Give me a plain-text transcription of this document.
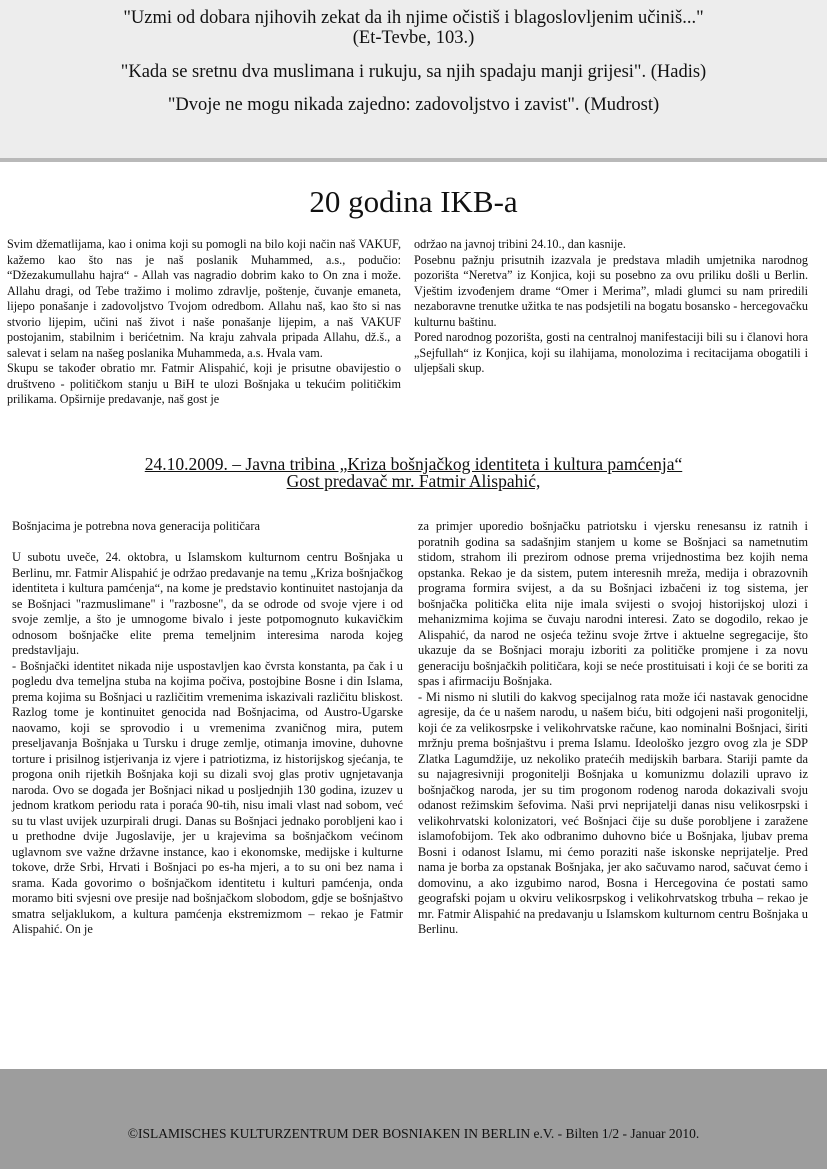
"Uzmi od dobara njihovih zekat da ih njime očistiš i blagoslovljenim učiniš..."
(Et-Tevbe, 103.)
"Kada se sretnu dva muslimana i rukuju, sa njih spadaju manji grijesi". (Hadis)
"Dvoje ne mogu nikada zajedno: zadovoljstvo i zavist". (Mudrost)
20 godina IKB-a

Svim džematlijama, kao i onima koji su pomogli na bilo koji način naš VAKUF, kažemo kao što nas je naš poslanik Muhammed, a.s., podučio: “Džezakumullahu hajra“ - Allah vas nagradio dobrim kako to On zna i može. Allahu dragi, od Tebe tražimo i molimo zdravlje, poštenje, čuvanje emaneta, lijepo ponašanje i zadovoljstvo Tvojom odredbom. Allahu naš, kao što si nas stvorio lijepim, učini naš život i naše ponašanje lijepim, a naš VAKUF postojanim, stabilnim i berićetnim. Na kraju zahvala pripada Allahu, dž.š., a salevat i selam na našeg poslanika Muhammeda, a.s. Hvala vam.

Skupu se također obratio mr. Fatmir Alispahić, koji je prisutne obavijestio o društveno - političkom stanju u BiH te ulozi Bošnjaka u tekućim političkim prilikama. Opširnije predavanje, naš gost je

održao na javnoj tribini 24.10., dan kasnije.

Posebnu pažnju prisutnih izazvala je predstava mladih umjetnika narodnog pozorišta “Neretva” iz Konjica, koji su posebno za ovu priliku došli u Berlin. Vještim izvođenjem drame “Omer i Merima”, mladi glumci su nam priredili nezaboravne trenutke užitka te nas podsjetili na bogatu bosansko - hercegovačku kulturnu baštinu.

Pored narodnog pozorišta, gosti na centralnoj manifestaciji bili su i članovi hora „Sejfullah“ iz Konjica, koji su ilahijama, monolozima i recitacijama obogatili i uljepšali skup.

24.10.2009. – Javna tribina „Kriza bošnjačkog identiteta i kultura pamćenja“
Gost predavač mr. Fatmir Alispahić,

Bošnjacima je potrebna nova generacija političara

U subotu uveče, 24. oktobra, u Islamskom kulturnom centru Bošnjaka u Berlinu, mr. Fatmir Alispahić je održao predavanje na temu „Kriza bošnjačkog identiteta i kultura pamćenja“, na kome je predstavio kontinuitet nastojanja da se Bošnjaci "razmuslimane" i "razbosne", da se odrode od svoje vjere i od svoje zemlje, a što je umnogome bivalo i jeste potpomognuto kukavičkim odnosom bošnjačke elite prema temeljnim interesima naroda kojeg predstavljaju.

- Bošnjački identitet nikada nije uspostavljen kao čvrsta konstanta, pa čak i u pogledu dva temeljna stuba na kojima počiva, postojbine Bosne i din Islama, prema kojima su Bošnjaci u različitim vremenima iskazivali različitu bliskost. Razlog tome je kontinuitet genocida nad Bošnjacima, od Austro-Ugarske naovamo, koji se sprovodio i u vremenima zvaničnog mira, putem preseljavanja Bošnjaka u Tursku i druge zemlje, otimanja imovine, duhovne torture i prisilnog istjerivanja iz vjere i patriotizma, iz historijskog sjećanja, te progona onih rijetkih Bošnjaka koji su dizali svoj glas protiv ugnjetavanja naroda. Ovo se događa jer Bošnjaci nikad u posljednjih 130 godina, izuzev u jednom kratkom periodu rata i poraća 90-tih, nisu imali vlast nad sobom, već su tu vlast uvijek uzurpirali drugi. Danas su Bošnjaci jednako porobljeni kao i u prethodne dvije Jugoslavije, jer u krajevima sa bošnjačkom većinom uglavnom sve važne državne instance, kao i ekonomske, medijske i kulturne tokove, drže Srbi, Hrvati i Bošnjaci po es-ha mjeri, a to su oni bez nama i srama. Kada govorimo o bošnjačkom identitetu i kulturi pamćenja, onda moramo biti svjesni ove presije nad bošnjačkom slobodom, gdje se bošnjaštvo smatra seljaklukom, a kultura pamćenja ekstremizmom – rekao je Fatmir Alispahić. On je

za primjer uporedio bošnjačku patriotsku i vjersku renesansu iz ratnih i poratnih godina sa sadašnjim stanjem u kome se Bošnjaci sa nametnutim stidom, strahom ili prezirom odnose prema vrijednostima bez kojih nema opstanka. Rekao je da sistem, putem interesnih mreža, medija i obrazovnih programa formira svijest, a da su Bošnjaci izbačeni iz tog sistema, jer bošnjačka politička elita nije imala svijesti o svojoj historijskoj ulozi i mehanizmima kojima se čuvaju narodni interesi. Zato se dogodilo, rekao je Alispahić, da narod ne osjeća težinu svoje žrtve i aktuelne segregacije, što ukazuje da se Bošnjaci moraju izboriti za političke promjene i za novu generaciju bošnjačkih političara, koji se neće prostituisati i koji će se boriti za spas i afirmaciju Bošnjaka.

- Mi nismo ni slutili do kakvog specijalnog rata može ići nastavak genocidne agresije, da će u našem narodu, u našem biću, biti odgojeni naši progonitelji, koji će za velikosrpske i velikohrvatske račune, kao nominalni Bošnjaci, širiti mržnju prema bošnjaštvu i prema Islamu. Ideološko jezgro ovog zla je SDP Zlatka Lagumdžije, uz nekoliko pratećih medijskih barbara. Stariji pamte da su najagresivniji progonitelji Bošnjaka u komunizmu dolazili upravo iz bošnjačkog naroda, jer su tim progonom rodenog naroda dokazivali svoju odanost režimskim šefovima. Naši prvi neprijatelji danas nisu velikosrpski i velikohrvatski kolonizatori, već Bošnjaci čije su duše porobljene i zaražene islamofobijom. Tek ako odbranimo duhovno biće u Bošnjaka, ljubav prema Bosni i odanost Islamu, mi ćemo poraziti naše iskonske neprijatelje. Pred nama je borba za opstanak Bošnjaka, jer ako sačuvamo narod, sačuvat ćemo i domovinu, a ako izgubimo narod, Bosna i Hercegovina će postati samo geografski pojam u okviru velikosrpskog i velikohrvatskog trbuha – rekao je mr. Fatmir Alispahić na predavanju u Islamskom kulturnom centru Bošnjaka u Berlinu.

©ISLAMISCHES KULTURZENTRUM DER BOSNIAKEN IN BERLIN e.V. - Bilten 1/2 - Januar 2010.
